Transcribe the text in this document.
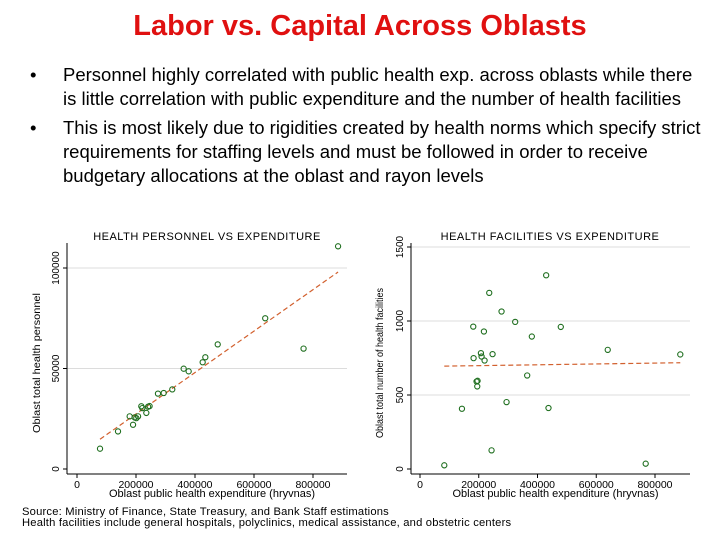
Labor vs. Capital Across Oblasts
• Personnel highly correlated with public health exp. across oblasts while there is little correlation with public expenditure and the number of health facilities
• This is most likely due to rigidities created by health norms which specify strict requirements for staffing levels and must be followed in order to receive budgetary allocations at the oblast and rayon levels
HEALTH PERSONNEL VS EXPENDITURE
0
50000
100000
0	200000 400000 600000 800000
Oblast public health expenditure (hryvnas)
Oblast total health personnel
HEALTH FACILITIES VS EXPENDITURE
0
500
1000
1500
0	200000 400000 600000 800000
Oblast public health expenditure (hryvnas)
Oblast total number of health facilities
Source: Ministry of Finance, State Treasury, and Bank Staff estimations
Health facilities include general hospitals, polyclinics, medical assistance, and obstetric centers
